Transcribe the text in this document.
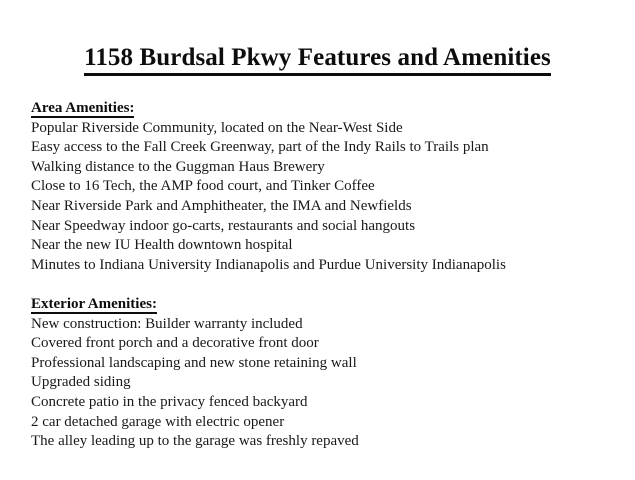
1158 Burdsal Pkwy Features and Amenities
Area Amenities:
Popular Riverside Community, located on the Near-West Side
Easy access to the Fall Creek Greenway, part of the Indy Rails to Trails plan
Walking distance to the Guggman Haus Brewery
Close to 16 Tech, the AMP food court, and Tinker Coffee
Near Riverside Park and Amphitheater, the IMA and Newfields
Near Speedway indoor go-carts, restaurants and social hangouts
Near the new IU Health downtown hospital
Minutes to Indiana University Indianapolis and Purdue University Indianapolis
Exterior Amenities:
New construction: Builder warranty included
Covered front porch and a decorative front door
Professional landscaping and new stone retaining wall
Upgraded siding
Concrete patio in the privacy fenced backyard
2 car detached garage with electric opener
The alley leading up to the garage was freshly repaved
